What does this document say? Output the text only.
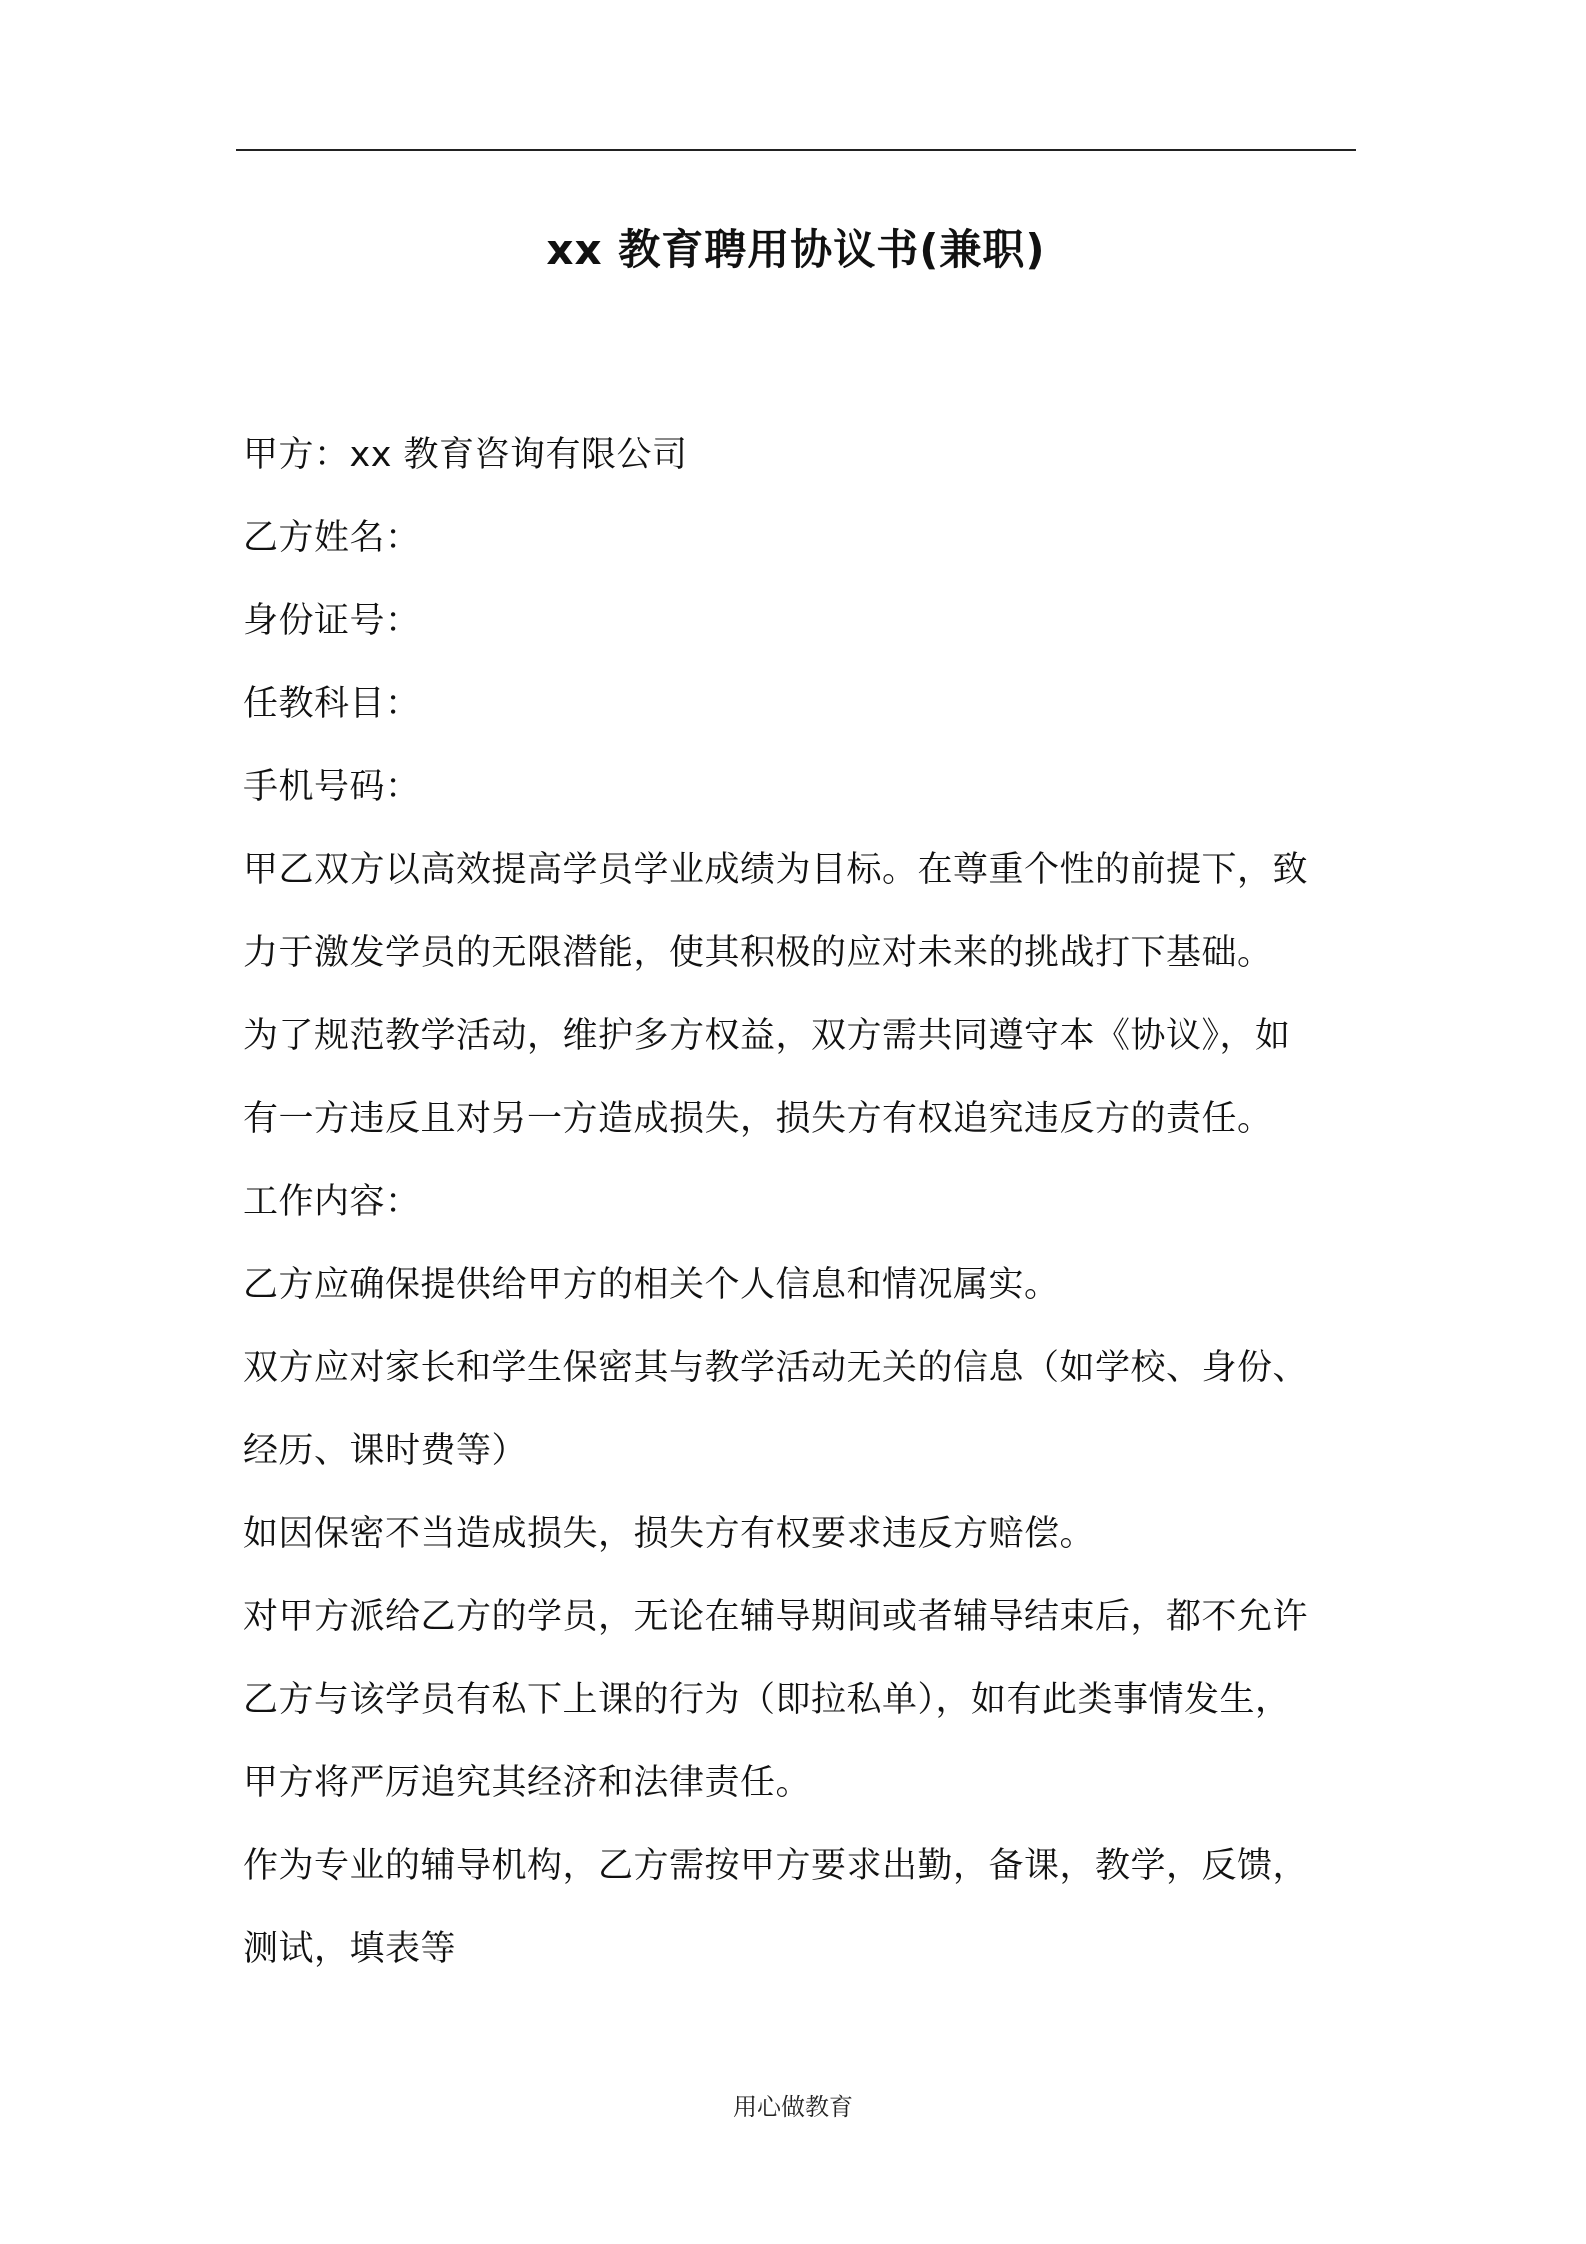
xx 教育聘用协议书(兼职)
甲方：xx 教育咨询有限公司
乙方姓名：
身份证号：
任教科目：
手机号码：
甲乙双方以高效提高学员学业成绩为目标。在尊重个性的前提下，致
力于激发学员的无限潜能，使其积极的应对未来的挑战打下基础。
为了规范教学活动，维护多方权益，双方需共同遵守本《协议》，如
有一方违反且对另一方造成损失，损失方有权追究违反方的责任。
工作内容：
乙方应确保提供给甲方的相关个人信息和情况属实。
双方应对家长和学生保密其与教学活动无关的信息（如学校、身份、
经历、课时费等）
如因保密不当造成损失，损失方有权要求违反方赔偿。
对甲方派给乙方的学员，无论在辅导期间或者辅导结束后，都不允许
乙方与该学员有私下上课的行为（即拉私单），如有此类事情发生，
甲方将严厉追究其经济和法律责任。
作为专业的辅导机构，乙方需按甲方要求出勤，备课，教学，反馈，
测试，填表等
用心做教育
